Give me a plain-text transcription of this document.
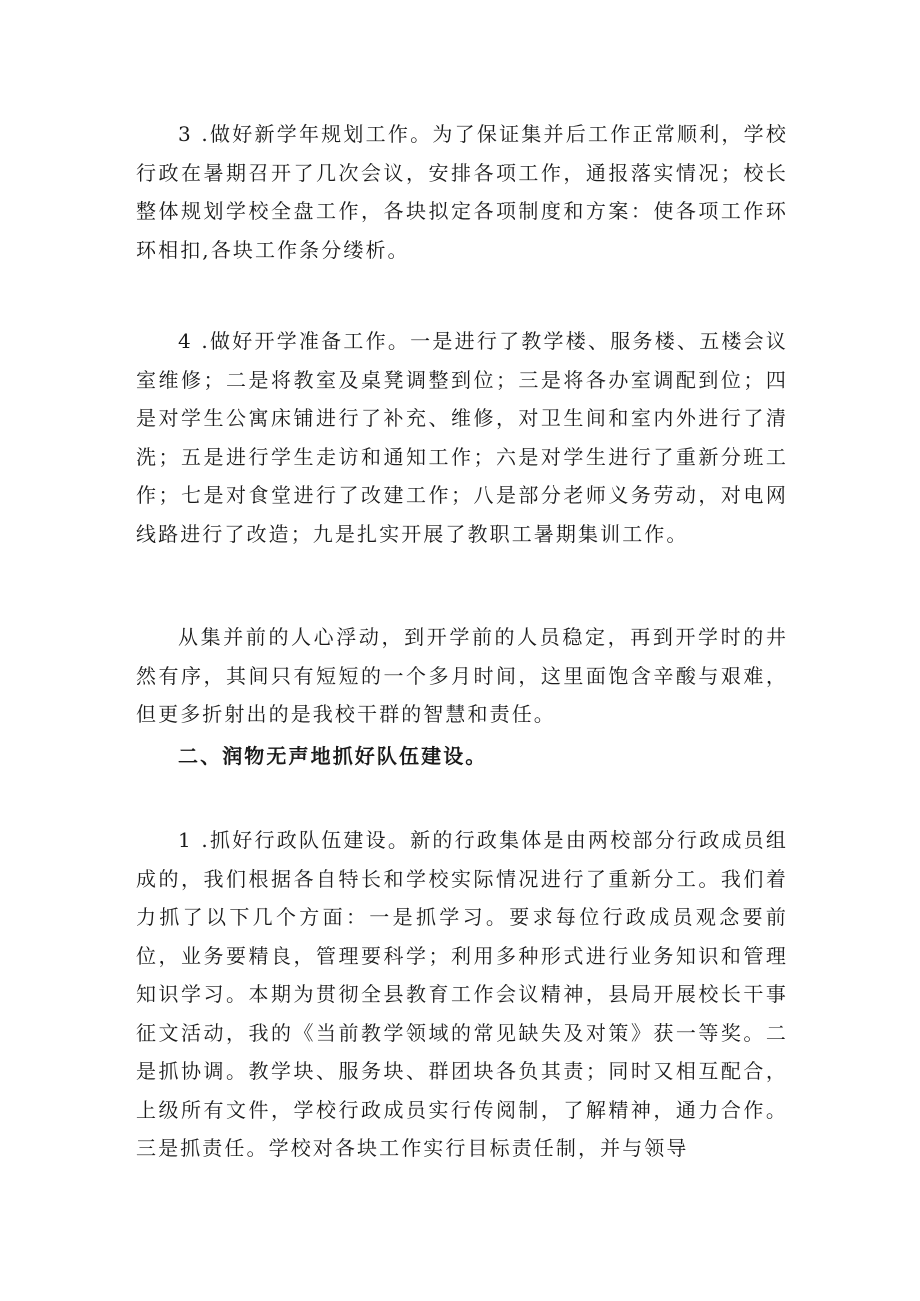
3 .做好新学年规划工作。为了保证集并后工作正常顺利，学校行政在暑期召开了几次会议，安排各项工作，通报落实情况；校长整体规划学校全盘工作，各块拟定各项制度和方案：使各项工作环环相扣,各块工作条分缕析。

4 .做好开学准备工作。一是进行了教学楼、服务楼、五楼会议室维修；二是将教室及桌凳调整到位；三是将各办室调配到位；四是对学生公寓床铺进行了补充、维修，对卫生间和室内外进行了清洗；五是进行学生走访和通知工作；六是对学生进行了重新分班工作；七是对食堂进行了改建工作；八是部分老师义务劳动，对电网线路进行了改造；九是扎实开展了教职工暑期集训工作。

从集并前的人心浮动，到开学前的人员稳定，再到开学时的井然有序，其间只有短短的一个多月时间，这里面饱含辛酸与艰难，但更多折射出的是我校干群的智慧和责任。

二、润物无声地抓好队伍建设。

1 .抓好行政队伍建设。新的行政集体是由两校部分行政成员组成的，我们根据各自特长和学校实际情况进行了重新分工。我们着力抓了以下几个方面：一是抓学习。要求每位行政成员观念要前位，业务要精良，管理要科学；利用多种形式进行业务知识和管理知识学习。本期为贯彻全县教育工作会议精神，县局开展校长干事征文活动，我的《当前教学领域的常见缺失及对策》获一等奖。二是抓协调。教学块、服务块、群团块各负其责；同时又相互配合，上级所有文件，学校行政成员实行传阅制，了解精神，通力合作。三是抓责任。学校对各块工作实行目标责任制，并与领导
